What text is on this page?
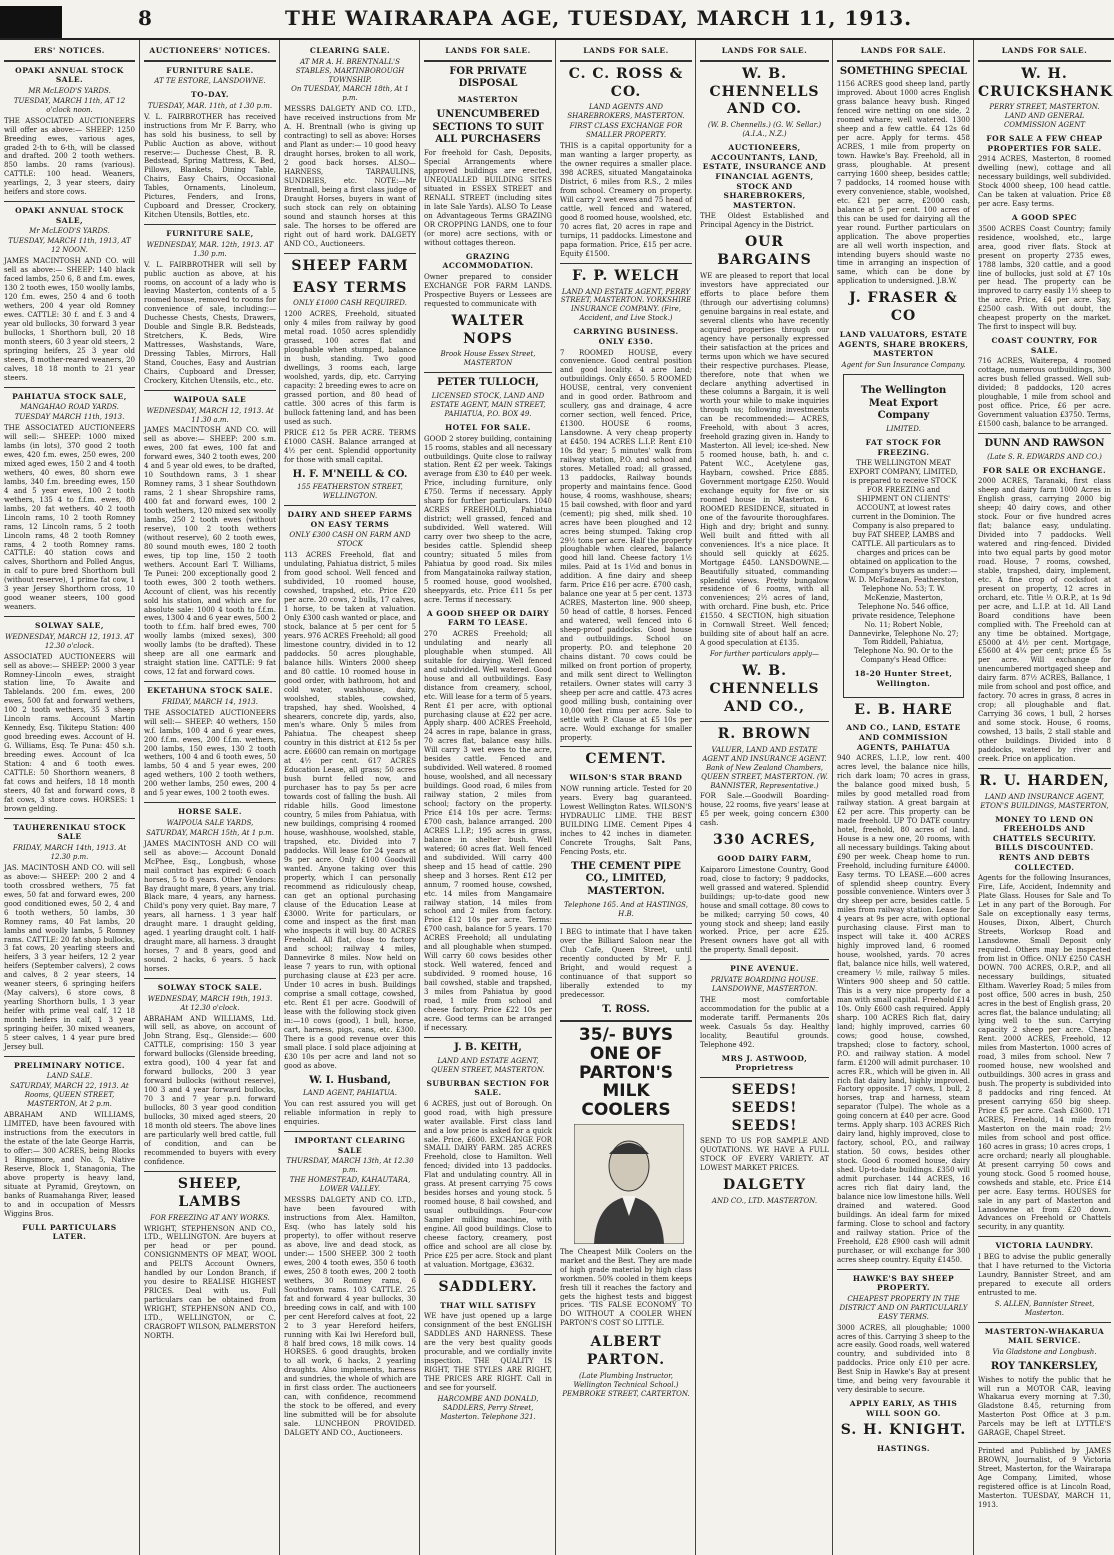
8	THE WAIRARAPA AGE, TUESDAY, MARCH 11, 1913.
ERS' NOTICES.
OPAKI ANNUAL STOCK SALE.
MR McLEOD'S YARDS.
TUESDAY, MARCH 11th, AT 12 o'clock noon.
THE ASSOCIATED AUCTIONEERS will offer as above:— SHEEP: 1250 Breeding ewes, various ages, graded 2-th to 6-th, will be classed and drafted. 200 2 tooth wethers. 850 lambs. 20 rams (various). CATTLE: 100 head. Weaners, yearlings, 2, 3 year steers, dairy heifers and store cows.
OPAKI ANNUAL STOCK SALE,
Mr McLEOD'S YARDS.
TUESDAY, MARCH 11th, 1913, AT 12 NOON.
JAMES MACINTOSH AND CO. will sell as above:— SHEEP: 140 black faced lambs, 250 6, 8 and f.m. ewes, 130 2 tooth ewes, 150 woolly lambs, 120 f.m. ewes, 250 4 and 6 tooth wethers, 200 4 year old Romney ewes. CATTLE: 30 f. and f. 3 and 4 year old bullocks, 30 forward 3 year bullocks, 1 Shorthorn bull, 20 18 month steers, 60 3 year old steers, 2 springing heifers, 25 3 year old steers, 8 mother-reared weaners, 20 calves, 18 18 month to 21 year steers.
PAHIATUA STOCK SALE,
MANGAHAO ROAD YARDS.
TUESDAY MARCH 11th, 1913.
THE ASSOCIATED AUCTIONEERS will sell:— SHEEP: 1000 mixed lambs (in lots), 370 good 2 tooth ewes, 420 f.m. ewes, 250 ewes, 200 mixed aged ewes, 150 2 and 4 tooth wethers, 40 ewes, 80 shorn ewe lambs, 340 f.m. breeding ewes, 150 4 and 5 year ewes, 100 2 tooth wethers, 135 4 to f.f.m. ewes, 80 lambs, 20 fat wethers. 40 2 tooth Lincoln rams, 10 2 tooth Romney rams, 12 Lincoln rams, 5 2 tooth Lincoln rams, 48 2 tooth Romney rams, 4 2 tooth Romney rams. CATTLE: 40 station cows and calves, Shorthorn and Polled Angus, in calf to pure bred Shorthorn bull (without reserve), 1 prime fat cow, 1 3 year Jersey Shorthorn cross, 10 good weaner steers, 100 good weaners.
SOLWAY SALE,
WEDNESDAY, MARCH 12, 1913. AT 12.30 o'clock.
ASSOCIATED AUCTIONEERS will sell as above:— SHEEP: 2000 3 year Romney-Lincoln ewes, straight station line, To Awaite and Tablelands. 200 f.m. ewes, 200 ewes, 500 fat and forward wethers, 100 2 tooth wethers, 35 3 sheep Lincoln rams. Account Martin Kennedy, Esq. Tikitepu Station: 400 good breeding ewes. Account of H. G. Williams, Esq. Te Puna: 450 s.h. breeding ewes. Account of Ica Station: 4 and 6 tooth ewes. CATTLE: 50 Shorthorn weaners, 8 fat cows and heifers, 18 18 month steers, 40 fat and forward cows, 8 fat cows, 3 store cows. HORSES: 1 brown gelding.
TAUHERENIKAU STOCK SALE
FRIDAY, MARCH 14th, 1913. At 12.30 p.m.
JAS. MACINTOSH AND CO. will sell as above:— SHEEP: 200 2 and 4 tooth crossbred wethers, 75 fat ewes, 50 fat and forward ewes, 200 good conditioned ewes, 50 2, 4 and 6 tooth wethers, 50 lambs, 30 Romney rams, 40 Fat lambs, 20 lambs and woolly lambs, 5 Romney rams. CATTLE: 20 fat shop bullocks, 3 fat cows, 20 yearling steers and heifers, 3 3 year heifers, 12 2 year heifers (September calvers), 2 cows and calves, 8 2 year steers, 14 weaner steers, 6 springing heifers (May calvers), 6 store cows, 8 yearling Shorthorn bulls, 1 3 year heifer with prime veal calf, 12 18 month heifers in calf, 1 3 year springing heifer, 30 mixed weaners, 5 steer calves, 1 4 year pure bred Jersey bull.
PRELIMINARY NOTICE.
LAND SALE.
SATURDAY, MARCH 22, 1913. At Rooms, QUEEN STREET, MASTERTON, At 2 p.m.
ABRAHAM AND WILLIAMS, LIMITED, have been favoured with instructions from the executors in the estate of the late George Harris, to offer:— 300 ACRES, being Blocks 1 Ringsmore, and No. 5, Native Reserve, Block 1, Stanagonia, The above property is heavy land, situate at Pyramid, Greytown, on banks of Ruamahanga River, leased to and in occupation of Messrs Wiggins Bros.
FULL PARTICULARS LATER.
AUCTIONEERS' NOTICES.
FURNITURE SALE.
AT TE ESTORE, LANSDOWNE.
TO-DAY.
TUESDAY, MAR. 11th, at 1.30 p.m.
V. L. FAIRBROTHER has received instructions from Mr F. Barry, who has sold his business, to sell by Public Auction as above, without reserve:— Duchesse Chest, B. R. Bedstead, Spring Mattress, K. Bed, Pillows, Blankets, Dining Table, Chairs, Easy Chairs, Occasional Tables, Ornaments, Linoleum, Pictures, Fenders, and Irons, Cupboard and Dresser, Crockery, Kitchen Utensils, Bottles, etc.
FURNITURE SALE,
WEDNESDAY, MAR. 12th, 1913. AT 1.30 p.m.
V. L. FAIRBROTHER will sell by public auction as above, at his rooms, on account of a lady who is leaving Masterton, contents of a 5 roomed house, removed to rooms for convenience of sale, including:— Duchesse Chests, Chests, Drawers, Double and Single B.R. Bedsteads, Stretchers, K. Beds, Wire Mattresses, Washstands, Ware, Dressing Tables, Mirrors, Hall Stand, Couches, Easy and Austrian Chairs, Cupboard and Dresser, Crockery, Kitchen Utensils, etc., etc.
WAIPOUA SALE
WEDNESDAY, MARCH 12, 1913. At 11.30 a.m.
JAMES MACINTOSH AND CO. will sell as above:— SHEEP: 200 s.m. ewes, 200 fat ewes, 100 fat and forward ewes, 340 2 tooth ewes, 200 4 and 5 year old ewes, to be drafted, 10 Southdown rams, 3 1 shear Romney rams, 3 1 shear Southdown rams, 2 1 shear Shropshire rams, 400 fat and forward ewes, 100 2 tooth wethers, 120 mixed sex woolly lambs, 250 2 tooth ewes (without reserve), 100 2 tooth wethers (without reserve), 60 2 tooth ewes, 80 sound mouth ewes, 180 2 tooth ewes, tip top line, 150 2 tooth wethers. Account Earl T. Williams, Te Punei: 200 exceptionally good 2 tooth ewes, 300 2 tooth wethers. Account of client, was his recently sold his station, and which are for absolute sale: 1000 4 tooth to f.f.m. ewes, 1300 4 and 6 year ewes, 500 2 tooth to f.f.m. half bred ewes, 700 woolly lambs (mixed sexes), 300 woolly lambs (to be drafted). These sheep are all one earmark and straight station line. CATTLE: 9 fat cows, 12 fat and forward cows.
EKETAHUNA STOCK SALE.
FRIDAY, MARCH 14, 1913.
THE ASSOCIATED AUCTIONEERS will sell:— SHEEP: 40 wethers, 150 w.f. lambs, 100 4 and 6 year ewes, 200 f.f.m. ewes, 200 f.f.m. wethers, 200 lambs, 150 ewes, 130 2 tooth wethers, 100 4 and 6 tooth ewes, 50 lambs, 50 4 and 5 year ewes, 200 aged wethers, 100 2 tooth wethers, 200 wether lambs, 250 ewes, 200 4 and 5 year ewes, 100 2 tooth ewes.
HORSE SALE.
WAIPOUA SALE YARDS,
SATURDAY, MARCH 15th, At 1 p.m.
JAMES MACINTOSH AND CO will sell as above:— Account Donald McPhee, Esq., Longbush, whose mail contract has expired: 6 coach horses, 5 to 8 years. Other Vendors: Bay draught mare, 8 years, any trial. Black mare, 4 years, any harness. Child's pony very quiet. Bay mare, 7 years, all harness. 1 3 year half draught mare. 1 draught gelding, aged. 1 yearling draught colt. 1 half-draught mare, all harness. 3 draught horses, 7 and 8 years, good and sound. 2 hacks, 6 years. 5 hack horses.
SOLWAY STOCK SALE.
WEDNESDAY, MARCH 19th, 1913. At 12.30 o'clock.
ABRAHAM AND WILLIAMS, Ltd. will sell, as above, on account of John Strang, Esq., Glenside:— 600 CATTLE, comprising: 150 3 year forward bullocks (Glenside breeding, extra good), 100 4 year fat and forward bullocks, 200 3 year forward bullocks (without reserve), 100 3 and 4 year forward bullocks, 70 3 and 7 year p.n. forward bullocks, 80 3 year good condition bullocks, 30 mixed aged steers, 20 18 month old steers. The above lines are particularly well bred cattle, full of condition, and can be recommended to buyers with every confidence.
SHEEP, LAMBS
FOR FREEZING AT ANY WORKS.
WRIGHT, STEPHENSON AND CO., LTD., WELLINGTON. Are buyers at per head or per pound. CONSIGNMENTS OF MEAT, WOOL and PELTS Account Owners, handled by our London Branch, if you desire to REALISE HIGHEST PRICES. Deal with us. Full particulars can be obtained from WRIGHT, STEPHENSON AND CO., LTD., WELLINGTON, or C. CRAGROFT WILSON, PALMERSTON NORTH.
CLEARING SALE.
AT MR A. H. BRENTNALL'S STABLES, MARTINBOROUGH TOWNSHIP.
On TUESDAY, MARCH 18th, At 1 p.m.
MESSRS DALGETY AND CO. LTD., have received instructions from Mr A. H. Brentnall (who is giving up contracting) to sell as above: Horses and Plant as under:— 10 good heavy draught horses, broken to all work, 2 good back horses. ALSO— HARNESS, TARPAULINS, SUNDRIES, etc. NOTE:—Mr Brentnall, being a first class judge of Draught Horses, buyers in want of such stock can rely on obtaining sound and staunch horses at this sale. The horses to be offered are right out of hard work. DALGETY AND CO., Auctioneers.
SHEEP FARM
EASY TERMS
ONLY £1000 CASH REQUIRED.
1200 ACRES, Freehold, situated only 4 miles from railway by good metal road. 1050 acres splendidly grassed, 100 acres flat and ploughable when stumped, balance in bush, standing. Two good dwellings, 3 rooms each, large woolshed, yards, dip, etc. Carrying capacity: 2 breeding ewes to acre on grassed portion, and 80 head of cattle. 300 acres of this farm is bullock fattening land, and has been used as such.
PRICE £12 5s PER ACRE. TERMS £1000 CASH. Balance arranged at 4½ per cent. Splendid opportunity for those with small capital.
H. F. M'NEILL & CO.
155 FEATHERSTON STREET, WELLINGTON.
DAIRY AND SHEEP FARMS ON EASY TERMS
ONLY £300 CASH ON FARM AND STOCK
113 ACRES Freehold, flat and undulating, Pahiatua district, 5 miles from good school. Well fenced and subdivided, 10 roomed house, cowshed, trapshed, etc. Price £20 per acre. 20 cows, 2 bulls, 17 calves, 1 horse, to be taken at valuation. Only £300 cash wanted or place, and stock, balance at 5 per cent for 5 years. 976 ACRES Freehold; all good limestone country, divided in to 12 paddocks. 50 acres ploughable, balance hills. Winters 2000 sheep and 80 cattle. 10 roomed house in good order, with bathroom, hot and cold water, washhouse, dairy, woolshed, stables, cowshed, trapshed, hay shed. Woolshed, 4 shearers, concrete dip, yards, also, men's whare. Only 5 miles from Pahiatua. The cheapest sheep country in this district at £12 5s per acre. £6600 can remain on mortgage at 4½ per cent. 617 ACRES Education Lease, all grass; 50 acres bush burnt felled now, and purchaser has to pay 5s per acre towards cost of falling the bush. All ridable hills. Good limestone country, 5 miles from Pahiatua, with new buildings, comprising 4 roomed house, washhouse, woolshed, stable, trapshed, etc. Divided into 7 paddocks. Will lease for 24 years at 9s per acre. Only £100 Goodwill wanted. Anyone taking over this property, which I can personally recommend as ridiculously cheap, can get an optional purchasing clause of the Education Lease at £3000. Write for particulars, or come and inspect as the first man who inspects it will buy. 80 ACRES Freehold. All flat, close to factory and school; railway 4 miles, Dannevirke 8 miles. Now held on lease 7 years to run, with optional purchasing clause at £23 per acre. Under 10 acres in bush. Buildings comprise a small cottage, cowshed, etc. Rent £1 per acre. Goodwill of lease with the following stock given in:—10 cows (good), 1 bull, horse, cart, harness, pigs, cans, etc. £300. There is a good revenue over this small place. I sold place adjoining at £30 10s per acre and land not so good as above.
W. I. Husband,
LAND AGENT, PAHIATUA.
You can rest assured you will get reliable information in reply to enquiries.
IMPORTANT CLEARING SALE
THURSDAY, MARCH 13th, At 12.30 p.m.
THE HOMESTEAD, KAHAUTARA, LOWER VALLEY.
MESSRS DALGETY AND CO. LTD., have been favoured with instructions from Alex. Hamilton, Esq. (who has lately sold his property), to offer without reserve as above, live and dead stock, as under:— 1500 SHEEP. 300 2 tooth ewes, 200 4 tooth ewes, 350 6 tooth ewes, 250 8 tooth ewes, 200 2 tooth wethers, 30 Romney rams, 6 Southdown rams. 103 CATTLE. 25 fat and forward 4 year bullocks, 30 breeding cows in calf, and with 100 per cent Hereford calves at foot, 22 2 to 3 year Hereford heifers, running with Kai Iwi Hereford bull, 8 half bred cows, 18 milk cows. 14 HORSES. 6 good draughts, broken to all work, 6 hacks, 2 yearling draughts. Also implements, harness and sundries, the whole of which are in first class order. The auctioneers can, with confidence, recommend the stock to be offered, and every line submitted will be for absolute sale. LUNCHEON PROVIDED. DALGETY AND CO., Auctioneers.
LANDS FOR SALE.
FOR PRIVATE DISPOSAL
MASTERTON
UNENCUMBERED SECTIONS TO SUIT ALL PURCHASERS
For freehold for Cash, Deposits, Special Arrangements where approved buildings are erected, UNEQUALLED BUILDING SITES situated in ESSEX STREET and RENALL STREET (including sites in late Sale Yards). ALSO To Lease on Advantageous Terms GRAZING OR CROPPING LANDS, one to four (or more) acre sections, with or without cottages thereon.
GRAZING ACCOMMODATION.
Owner prepared to consider EXCHANGE FOR FARM LANDS. Prospective Buyers or Lessees are requested to communicate with
WALTER NOPS
Brook House Essex Street, MASTERTON
PETER TULLOCH,
LICENSED STOCK, LAND AND ESTATE AGENT, MAIN STREET, PAHIATUA, P.O. BOX 49.
HOTEL FOR SALE.
GOOD 2 storey building, containing 15 rooms, stables and all necessary outbuildings. Quite close to railway station. Rent £2 per week. Takings average from £30 to £40 per week. Price, including furniture, only £750. Terms if necessary. Apply sharp for further particulars. 1040 ACRES FREEHOLD, Pahiatua district; well grassed, fenced and subdivided. Well watered. Will carry over two sheep to the acre, besides cattle. Splendid sheep country; situated 5 miles from Pahiatua by good road. Six miles from Mangatainoka railway station, 5 roomed house, good woolshed, sheepyards, etc. Price £11 5s per acre. Terms if necessary.
A GOOD SHEEP OR DAIRY FARM TO LEASE.
270 ACRES Freehold; all undulating and nearly all ploughable when stumped. All suitable for dairying. Well fenced and subdivided. Well watered. Good house and all outbuildings. Easy distance from creamery, school, etc. Will lease for a term of 5 years. Rent £1 per acre, with optional purchasing clause at £22 per acre. Apply sharp. 400 ACRES Freehold, 24 acres in rape, balance in grass, 70 acres flat, balance easy hills. Will carry 3 wet ewes to the acre, besides cattle. Fenced and subdivided. Well watered. 8 roomed house, woolshed, and all necessary buildings. Good road, 6 miles from railway station, 2 miles from school; factory on the property. Price £14 10s per acre. Terms: £700 cash, balance arranged. 200 ACRES L.I.P.; 195 acres in grass, balance in shelter bush. Well watered; 60 acres flat. Well fenced and subdivided. Will carry 400 sheep and 15 head of cattle. 290 sheep and 3 horses. Rent £12 per annum, 7 roomed house, cowshed, etc. 14 miles from Mangamaire railway station, 14 miles from school and 2 miles from factory. Price £12 10s per acre. Terms: £700 cash, balance for 5 years. 170 ACRES Freehold; all undulating and all ploughable when stumped. Will carry 60 cows besides other stock. Well watered, fenced and subdivided. 9 roomed house, 16 bail cowshed, stable and trapshed, 3 miles from Pahiatua by good road, 1 mile from school and cheese factory. Price £22 10s per acre. Good terms can be arranged if necessary.
J. B. KEITH,
LAND AND ESTATE AGENT, QUEEN STREET, MASTERTON.
SUBURBAN SECTION FOR SALE.
6 ACRES, just out of Borough. On good road, with high pressure water available. First class land and a low price is asked for a quick sale. Price, £600. EXCHANGE FOR SMALL DAIRY FARM. 285 ACRES Freehold, close to Hamilton. Well fenced; divided into 13 paddocks. Flat and undulating country. All in grass. At present carrying 75 cows besides horses and young stock. 5 roomed house, 8 bail cowshed, and usual outbuildings. Four-cow Sampler milking machine, with engine. All good buildings. Close to cheese factory, creamery, post office and school are all close by. Price £25 per acre. Stock and plant at valuation. Mortgage, £3632.
SADDLERY.
THAT WILL SATISFY
WE have just opened up a large consignment of the best ENGLISH SADDLES AND HARNESS. These are the very best quality goods procurable, and we cordially invite inspection. THE QUALITY IS RIGHT, THE STYLES ARE RIGHT, THE PRICES ARE RIGHT. Call in and see for yourself.
HARCOMBE AND DONALD, SADDLERS, Perry Street, Masterton. Telephone 321.
LANDS FOR SALE.
C. C. ROSS & CO.
LAND AGENTS AND SHAREBROKERS, MASTERTON.
FIRST CLASS EXCHANGE FOR SMALLER PROPERTY.
THIS is a capital opportunity for a man wanting a larger property, as the owner requires a smaller place. 398 ACRES, situated Mangatainoka District, 6 miles from R.S., 2 miles from school. Creamery on property. Will carry 2 wet ewes and 75 head of cattle, well fenced and watered, good 8 roomed house, woolshed, etc. 70 acres flat, 20 acres in rape and turnips, 11 paddocks. Limestone and papa formation. Price, £15 per acre. Equity £1500.
F. P. WELCH
LAND AND ESTATE AGENT, PERRY STREET, MASTERTON. YORKSHIRE INSURANCE COMPANY. (Fire, Accident, and Live Stock.)
CARRYING BUSINESS. ONLY £350.
7 ROOMED HOUSE, every convenience. Good central position and good locality. 4 acre land; outbuildings. Only £650. 5 ROOMED HOUSE, central, very convenient and in good order. Bathroom and scullery, gas and drainage, 4 acre corner section, well fenced. Price, £1300. HOUSE 6 rooms, Lansdowne. A very cheap property at £450. 194 ACRES L.I.P. Rent £10 10s 8d year; 5 minutes' walk from railway station, P.O. and school and stores. Metalled road; all grassed, 13 paddocks, Railway bounds property and maintains fence. Good house, 4 rooms, washhouse, shears; 15 bail cowshed, with floor and yard (cement); pig shed, milk shed. 10 acres have been ploughed and 12 acres being stumped. Taking crop 29½ tons per acre. Half the property ploughable when cleared, balance good hill land. Cheese factory 1½ miles. Paid at 1s 1½d and bonus in addition. A fine dairy and sheep farm. Price £16 per acre. £700 cash, balance one year at 5 per cent. 1373 ACRES, Masterton line. 900 sheep, 50 head of cattle, 8 horses. Fenced and watered, well fenced into 6 sheep-proof paddocks. Good house and outbuildings. School on property. P.O. and telephone 20 chains distant. 70 cows could be milked on front portion of property, and milk sent direct to Wellington retailers. Owner states will carry 3 sheep per acre and cattle. 473 acres good milling bush, containing over 10,000 feet rimu per acre. Sale to settle with P. Clause at £5 10s per acre. Would exchange for smaller property.
CEMENT.
WILSON'S STAR BRAND
NOW running article. Tested for 20 years. Every bag guaranteed. Lowest Wellington Rates. WILSON'S HYDRAULIC LIME. THE BEST BUILDING LIME. Cement Pipes 4 inches to 42 inches in diameter. Concrete Troughs, Salt Pans, Fencing Posts, etc.
THE CEMENT PIPE CO., LIMITED, MASTERTON.
Telephone 165. And at HASTINGS, H.B.
I BEG to intimate that I have taken over the Billiard Saloon near the Club Cafe, Queen Street, until recently conducted by Mr F. J. Bright, and would request a continuance of that support so liberally extended to my predecessor.
T. ROSS.
35/- BUYS ONE OF PARTON'S MILK COOLERS
The Cheapest Milk Coolers on the market and the Best. They are made of high grade material by high class workmen. 50% cooled in them keeps fresh till it reaches the factory and gets the highest tests and biggest prices. 'TIS FALSE ECONOMY TO DO WITHOUT A COOLER WHEN PARTON'S COST SO LITTLE.
ALBERT PARTON.
(Late Plumbing Instructor, Wellington Technical School.) PEMBROKE STREET, CARTERTON.
LANDS FOR SALE.
W. B. CHENNELLS AND CO.
(W. B. Chennells.) (G. W. Sellar.) (A.I.A., N.Z.)
AUCTIONEERS, ACCOUNTANTS, LAND, ESTATE, INSURANCE AND FINANCIAL AGENTS, STOCK AND SHAREBROKERS, MASTERTON.
THE Oldest Established and Principal Agency in the District.
OUR BARGAINS
WE are pleased to report that local investors have appreciated our efforts to place before them (through our advertising columns) genuine bargains in real estate, and several clients who have recently acquired properties through our agency have personally expressed their satisfaction at the prices and terms upon which we have secured their respective purchases. Please, therefore, note that when we declare anything advertised in these columns a Bargain, it is well worth your while to make inquiries through us; following investments can be recommended:— ACRES, Freehold, with about 3 acres, freehold grazing given in. Handy to Masterton. All level; ice-shed. New 5 roomed house, bath, h. and c. Patent W.C., Acetylene gas, Haybarn, cowshed. Price £885. Government mortgage £250. Would exchange equity for five or six roomed house in Masterton. 6 ROOMED RESIDENCE, situated in one of the favourite thoroughfares. High and dry; bright and sunny. Well built and fitted with all conveniences. It's a nice place. It should sell quickly at £625. Mortgage £450. LANSDOWNE.—Beautifully situated, commanding splendid views. Pretty bungalow residence of 6 rooms, with all conveniences; 2½ acres of land, with orchard. Fine bush, etc. Price £1550. 4 SECTION, high situation in Cornwall Street. Well fenced; building site of about half an acre. A good speculation at £135.
For further particulars apply—
W. B. CHENNELLS AND CO.,
R. BROWN
VALUER, LAND AND ESTATE AGENT AND INSURANCE AGENT. Bank of New Zealand Chambers, QUEEN STREET, MASTERTON. (W. BANNISTER, Representative.)
FOR Sale.—Goodwill Boarding-house, 22 rooms, five years' lease at £5 per week, going concern £300 cash.
330 ACRES,
GOOD DAIRY FARM,
Kaiparoro Limestone Country, Good road, close to factory; 9 paddocks, well grassed and watered. Splendid buildings; up-to-date good new house and small cottage. 80 cows to be milked; carrying 50 cows, 40 young stock and sheep; land easily worked. Price, per acre £25. Present owners have got all with the property. Small deposit.
PINE AVENUE.
PRIVATE BOARDING HOUSE. LANSDOWNE, MASTERTON.
THE most comfortable accommodation for the public at a moderate tariff. Permanents 20s week. Casuals 5s day. Healthy locality, Beautiful grounds. Telephone 492.
MRS J. ASTWOOD, Proprietress
SEEDS! SEEDS! SEEDS!
SEND TO US FOR SAMPLE AND QUOTATIONS. WE HAVE A FULL STOCK OF EVERY VARIETY. AT LOWEST MARKET PRICES.
DALGETY
AND CO., LTD. MASTERTON.
LANDS FOR SALE.
SOMETHING SPECIAL
1156 ACRES good sheep land, partly improved. About 1000 acres English grass balance heavy bush. Ringed fenced wire netting on one side, 2 roomed whare; well watered. 1300 sheep and a few cattle. £4 12s 6d per acre. Apply for terms. 458 ACRES, 1 mile from property on town. Hawke's Bay. Freehold, all in grass, ploughable. At present carrying 1600 sheep, besides cattle; 7 paddocks, 14 roomed house with every convenience, stable, woolshed, etc. £21 per acre, £2000 cash, balance at 5 per cent. 100 acres of this can be used for dairying all the year round. Further particulars on application. The above properties are all well worth inspection, and intending buyers should waste no time in arranging an inspection of same, which can be done by application to undersigned. J.B.W.
J. FRASER & CO
LAND VALUATORS, ESTATE AGENTS, SHARE BROKERS, MASTERTON
Agent for Sun Insurance Company.
The Wellington Meat Export Company
LIMITED.
FAT STOCK FOR FREEZING.
THE WELLINGTON MEAT EXPORT COMPANY, LIMITED, is prepared to receive STOCK FOR FREEZING and SHIPMENT ON CLIENTS' ACCOUNT, at lowest rates current in the Dominion. The Company is also prepared to buy FAT SHEEP, LAMBS and CATTLE. All particulars as to charges and prices can be obtained on application to the Company's buyers as under:— W. D. McFadzean, Featherston, Telephone No. 53; T. W. McKenzie, Masterton, Telephone No. 546 office, private residence, Telephone No. 11; Robert Noble, Dannevirke, Telephone No. 27; Tom Riddell, Pahiatua, Telephone No. 90. Or to the Company's Head Office:
18-20 Hunter Street, Wellington.
E. B. HARE
AND CO., LAND, ESTATE AND COMMISSION AGENTS, PAHIATUA
940 ACRES, L.I.P., low rent. 400 acres level, the balance nice hills, rich dark loam; 70 acres in grass, the balance good mixed bush, 5 miles by good metalled road from railway station. A great bargain at £2 per acre. This property can be made freehold. UP TO DATE country hotel, freehold, 80 acres of land. House is a new one, 20 rooms, with all necessary buildings. Taking about £90 per week. Cheap home to run. Freehold, including furniture £4000. Easy terms. TO LEASE.—600 acres of splendid sheep country. Every possible convenience. Winters over 3 dry sheep per acre, besides cattle. 5 miles from railway station. Lease for 4 years at 9s per acre, with optional purchasing clause. First man to inspect will take it. 400 ACRES highly improved land, 6 roomed house, woolshed, yards. 70 acres flat, balance nice hills, well watered, creamery ½ mile, railway 5 miles. Winters 900 sheep and 50 cattle. This is a very nice property for a man with small capital. Freehold £14 10s. Only £600 cash required. Apply sharp. 100 ACRES Rich flat, dairy land; highly improved, carries 60 cows; good house, cowshed, trapshed; close to factory, school, P.O. and railway station. A model farm. £1200 will admit purchaser. 10 acres F.R., which will be given in. All rich flat dairy land, highly improved. Factory opposite. 17 cows, 1 bull, 2 horses, trap and harness, steam separator (Tulpe). The whole as a going concern at £40 per acre. Good terms. Apply sharp. 103 ACRES Rich dairy land, highly improved, close to factory, school, P.O., and railway station. 50 cows, besides other stock. Good 6 roomed house, dairy shed. Up-to-date buildings. £350 will admit purchaser. 144 ACRES, 16 acres rich flat dairy land, the balance nice low limestone hills. Well drained and watered. Good buildings. An ideal farm for mixed farming. Close to school and factory and railway station. Price of the Freehold, £28 £900 cash will admit purchaser, or will exchange for 300 acres sheep country. Equity £1450.
HAWKE'S BAY SHEEP PROPERTY.
CHEAPEST PROPERTY IN THE DISTRICT AND ON PARTICULARLY EASY TERMS.
3000 ACRES, all ploughable; 1000 acres of this. Carrying 3 sheep to the acre easily. Good roads, well watered country, and subdivided into 8 paddocks. Price only £10 per acre. Best Snip in Hawke's Bay at present time, and being very favourable it very desirable to secure.
APPLY EARLY, AS THIS WILL SOON GO.
S. H. KNIGHT.
HASTINGS.
LANDS FOR SALE.
W. H. CRUICKSHANK
PERRY STREET, MASTERTON. LAND AND GENERAL COMMISSION AGENT
FOR SALE A FEW CHEAP PROPERTIES FOR SALE.
2914 ACRES, Masterton, 8 roomed dwelling (new), cottage and all necessary buildings, well subdivided. Stock 4000 sheep, 100 head cattle. Can be taken at valuation. Price £8 per acre. Easy terms.
A GOOD SPEC
3500 ACRES Coast Country; family residence, woolshed, etc., large area, good river flats. Stock at present on property 2735 ewes, 1788 lambs, 320 cattle, and a good line of bullocks, just sold at £7 10s per head. The property can be improved to carry easily 1½ sheep to the acre. Price, £4 per acre. Say, £2500 cash. With out doubt, the cheapest property on the market. The first to inspect will buy.
COAST COUNTRY, FOR SALE.
716 ACRES, Waiterepa, 4 roomed cottage, numerous outbuildings, 300 acres bush felled grassed. Well sub-divided; 8 paddocks, 120 acres ploughable, 1 mile from school and post office. Price, £6 per acre. Government valuation £3750. Terms, £1500 cash, balance to be arranged.
DUNN AND RAWSON
(Late S. R. EDWARDS AND CO.)
FOR SALE OR EXCHANGE.
2000 ACRES, Taranaki, first class sheep and dairy farm 1000 Acres in English grass, carrying 2000 big sheep; 40 dairy cows, and other stock. Four or five hundred acres flat; balance easy, undulating. Divided into 7 paddocks. Well watered and ring-fenced. Divided into two equal parts by good motor road. House, 7 rooms, cowshed, stable, trapshed, dairy, implement, etc. A fine crop of cocksfoot at present on property, 12 acres in orchard, etc. Title ½ O.R.P., at 1s 9d per acre, and L.I.P. at 1d. All Land Board conditions have been complied with. The Freehold can at any time be obtained. Mortgage, £5000 at 4½ per cent. Mortgage, £5600 at 4¼ per cent; price £5 5s per acre. Will exchange for unencumbered mortgaged sheep and dairy farm. 87½ ACRES, Ballance, 1 mile from school and post office, and factory. 70 acres in grass, 8 acres in crop; all ploughable and flat. Carrying 36 cows, 1 bull, 2 horses and some stock. House, 6 rooms, cowshed, 13 bails, 2 stall stable and other buildings. Divided into 8 paddocks, watered by river and creek. Price on application.
R. U. HARDEN,
LAND AND INSURANCE AGENT, ETON'S BUILDINGS, MASTERTON,
MONEY TO LEND ON FREEHOLDS AND CHATTELS SECURITY. BILLS DISCOUNTED. RENTS AND DEBTS COLLECTED.
Agents for the following Insurances, Fire, Life, Accident, Indemnity and Plate Glass. Houses for Sale and To Let in any part of the Borough. For Sale on exceptionally easy terms, Houses, Dixon, Albert, Church Streets, Worksop Road and Lansdowne. Small Deposit only required. Others may be inspected from list in Office. ONLY £250 CASH DOWN. 700 ACRES, O.R.P., and all necessary buildings, situated Eltham. Waverley Road; 5 miles from post office, 500 acres in bush, 250 acres in the best of English grass, 20 acres flat, the balance undulating; all lying well to the sun. Carrying capacity 2 sheep per acre. Cheap Rent. 2000 ACRES, Freehold, 12 miles from Masterton. 1000 acres of road, 3 miles from school. New 7 roomed house, new woolshed and outbuildings. 300 acres in grass and bush. The property is subdivided into 8 paddocks and ring fenced. At present carrying 650 big sheep. Price £5 per acre. Cash £3600. 171 ACRES, Freehold, 14 mile from Masterton on the main road; 2½ miles from school and post office. 160 acres in grass; 10 acres crops, 1 acre orchard; nearly all ploughable. At present carrying 50 cows and young stock. Good 5 roomed house, cowsheds and stable, etc. Price £14 per acre. Easy terms. HOUSES for sale in any part of Masterton and Lansdowne at from £20 down. Advances on Freehold or Chattels security, in any quantity.
VICTORIA LAUNDRY.
I BEG to advise the public generally that I have returned to the Victoria Laundry, Bannister Street, and am prepared to execute all orders entrusted to me.
S. ALLEN, Bannister Street, Masterton.
MASTERTON-WHAKARUA MAIL SERVICE.
Via Gladstone and Longbush.
ROY TANKERSLEY,
Wishes to notify the public that he will run a MOTOR CAR, leaving Whakarua every morning at 7.30, Gladstone 8.45, returning from Masterton Post Office at 3 p.m. Parcels may be left at LYTTLE'S GARAGE, Chapel Street.
Printed and Published by JAMES BROWN, Journalist, of 9 Victoria Street, Masterton, for the Wairarapa Age Company, Limited, whose registered office is at Lincoln Road, Masterton. TUESDAY, MARCH 11, 1913.
